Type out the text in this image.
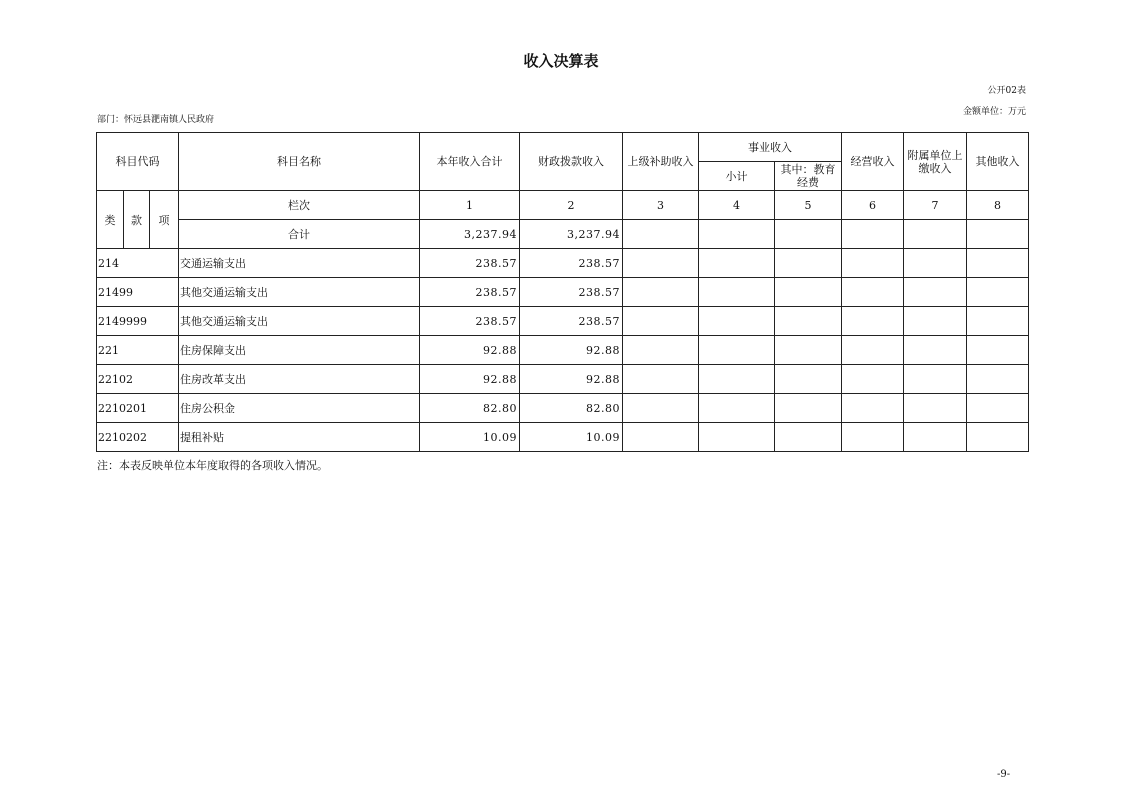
收入决算表
公开02表
金额单位：万元
部门：怀远县淝南镇人民政府
科目代码			科目名称	本年收入合计	财政拨款收入	上级补助收入	事业收入		经营收入	附属单位上缴收入	其他收入
							小计	其中：教育经费			
类	款	项	栏次	1	2	3	4	5	6	7	8
			合计	3,237.94	3,237.94						
214			交通运输支出	238.57	238.57						
21499			其他交通运输支出	238.57	238.57						
2149999			其他交通运输支出	238.57	238.57						
221			住房保障支出	92.88	92.88						
22102			住房改革支出	92.88	92.88						
2210201			住房公积金	82.80	82.80						
2210202			提租补贴	10.09	10.09						
注：本表反映单位本年度取得的各项收入情况。
-9-
